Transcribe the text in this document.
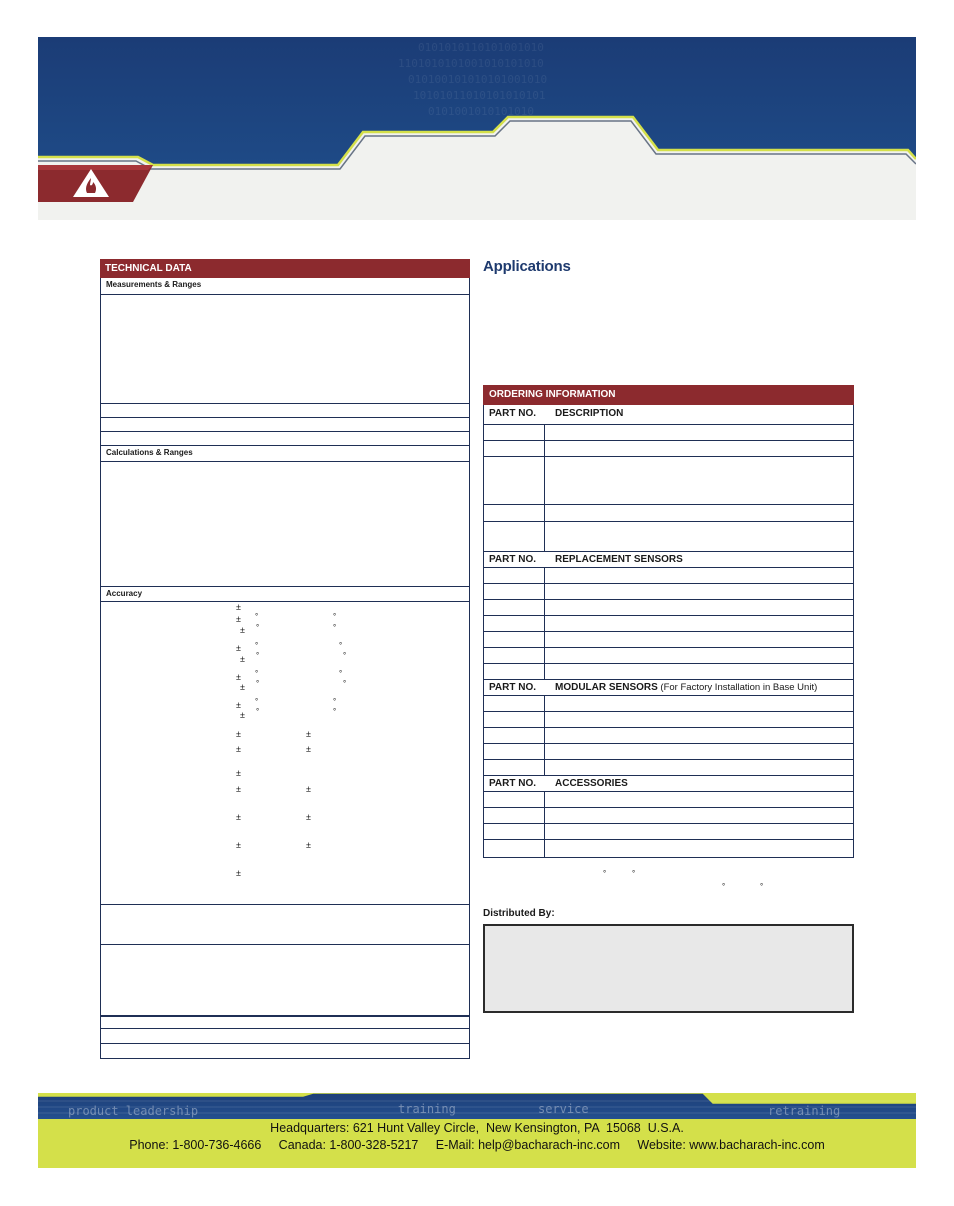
0101010110101001010
1101010101001010101010
010100101010101001010
10101011010101010101
0101001010101010
TECHNICAL DATA
Measurements & Ranges
Calculations & Ranges
Accuracy
±
± °	°
± °	°
± °	°
± °	°
± °	°
± °	°
± °	°
± °	°
±	±
±	±
±
±	±
±	±
±	±
±
Applications
ORDERING INFORMATION
PART NO. DESCRIPTION
PART NO. REPLACEMENT SENSORS
PART NO. MODULAR SENSORS (For Factory Installation in Base Unit)
PART NO. ACCESSORIES
°	°
°	°
Distributed By:
product leadership	training	service	retraining
Headquarters: 621 Hunt Valley Circle,  New Kensington, PA  15068  U.S.A.
Phone: 1-800-736-4666     Canada: 1-800-328-5217     E-Mail: help@bacharach-inc.com     Website: www.bacharach-inc.com
